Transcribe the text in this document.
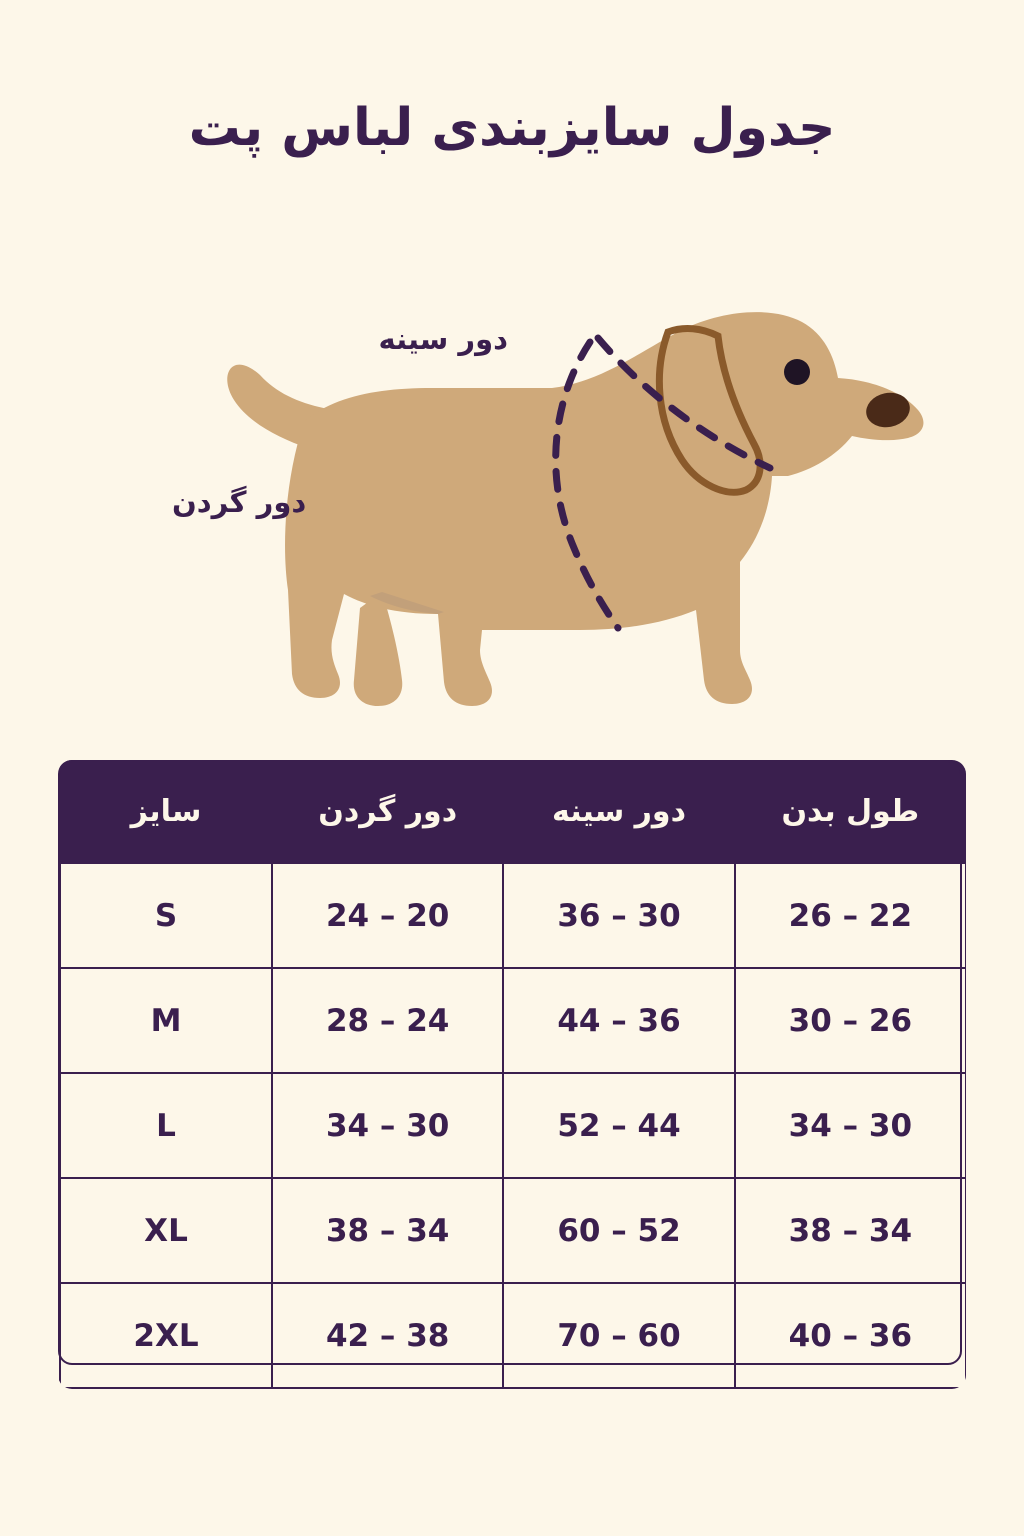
جدول سایزبندی لباس پت
دور سینه
دور گردن
طول بدن	دور سینه	دور گردن	سایز
22 – 26	30 – 36	20 – 24	S
26 – 30	36 – 44	24 – 28	M
30 – 34	44 – 52	30 – 34	L
34 – 38	52 – 60	34 – 38	XL
36 – 40	60 – 70	38 – 42	2XL
